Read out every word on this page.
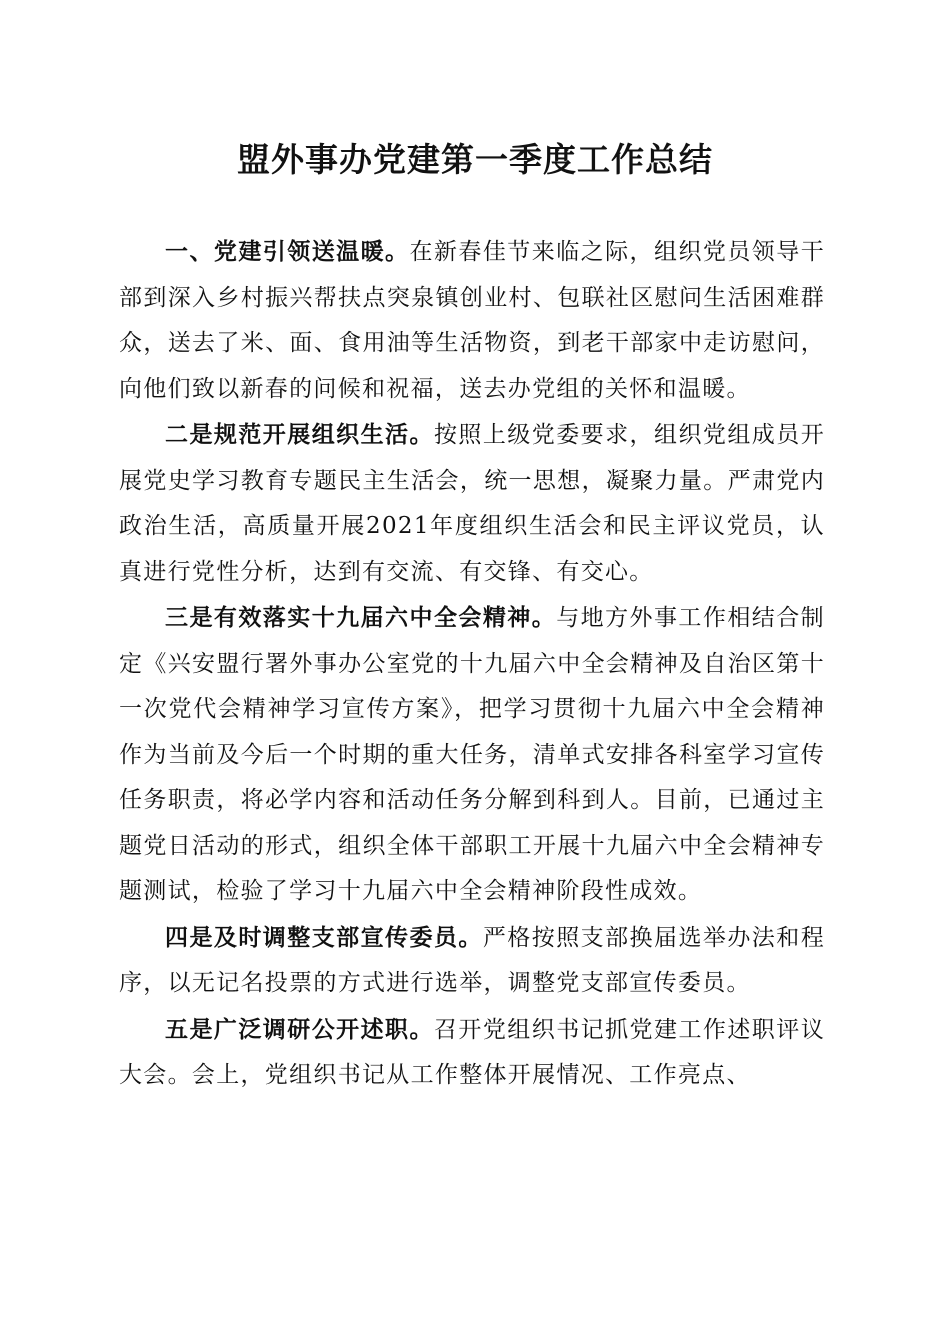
盟外事办党建第一季度工作总结

一、党建引领送温暖。在新春佳节来临之际，组织党员领导干部到深入乡村振兴帮扶点突泉镇创业村、包联社区慰问生活困难群众，送去了米、面、食用油等生活物资，到老干部家中走访慰问，向他们致以新春的问候和祝福，送去办党组的关怀和温暖。

二是规范开展组织生活。按照上级党委要求，组织党组成员开展党史学习教育专题民主生活会，统一思想，凝聚力量。严肃党内政治生活，高质量开展2021年度组织生活会和民主评议党员，认真进行党性分析，达到有交流、有交锋、有交心。

三是有效落实十九届六中全会精神。与地方外事工作相结合制定《兴安盟行署外事办公室党的十九届六中全会精神及自治区第十一次党代会精神学习宣传方案》，把学习贯彻十九届六中全会精神作为当前及今后一个时期的重大任务，清单式安排各科室学习宣传任务职责，将必学内容和活动任务分解到科到人。目前，已通过主题党日活动的形式，组织全体干部职工开展十九届六中全会精神专题测试，检验了学习十九届六中全会精神阶段性成效。

四是及时调整支部宣传委员。严格按照支部换届选举办法和程序，以无记名投票的方式进行选举，调整党支部宣传委员。

五是广泛调研公开述职。召开党组织书记抓党建工作述职评议大会。会上，党组织书记从工作整体开展情况、工作亮点、
